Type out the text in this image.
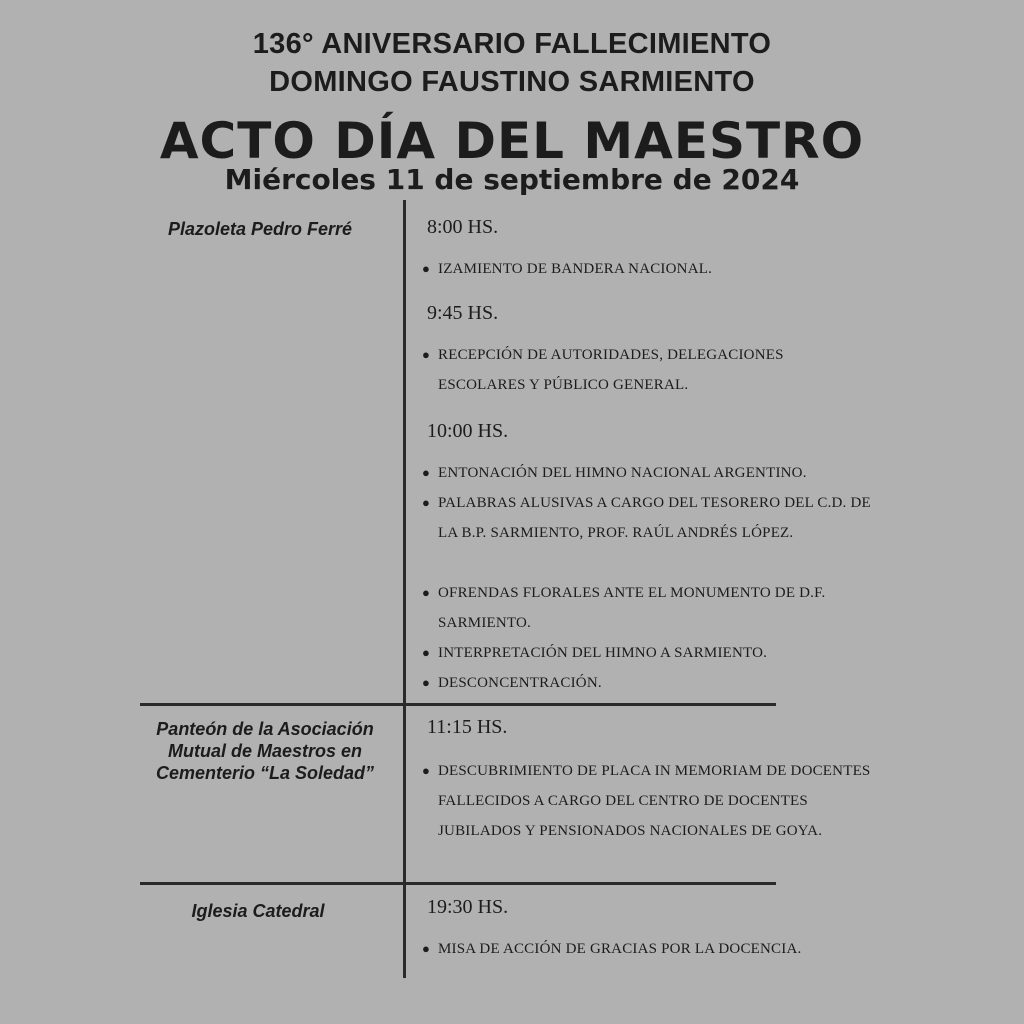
136° ANIVERSARIO FALLECIMIENTO
DOMINGO FAUSTINO SARMIENTO
ACTO DÍA DEL MAESTRO
Miércoles 11 de septiembre de 2024
Plazoleta Pedro Ferré	8:00 HS.
● IZAMIENTO DE BANDERA NACIONAL.
9:45 HS.
● RECEPCIÓN DE AUTORIDADES, DELEGACIONES ESCOLARES Y PÚBLICO GENERAL.
10:00 HS.
● ENTONACIÓN DEL HIMNO NACIONAL ARGENTINO.
● PALABRAS ALUSIVAS A CARGO DEL TESORERO DEL C.D. DE LA B.P. SARMIENTO, PROF. RAÚL ANDRÉS LÓPEZ.
● OFRENDAS FLORALES ANTE EL MONUMENTO DE D.F. SARMIENTO.
● INTERPRETACIÓN DEL HIMNO A SARMIENTO.
● DESCONCENTRACIÓN.
Panteón de la Asociación Mutual de Maestros en Cementerio “La Soledad”
11:15 HS.
● DESCUBRIMIENTO DE PLACA IN MEMORIAM DE DOCENTES FALLECIDOS A CARGO DEL CENTRO DE DOCENTES JUBILADOS Y PENSIONADOS NACIONALES DE GOYA.
Iglesia Catedral	19:30 HS.
● MISA DE ACCIÓN DE GRACIAS POR LA DOCENCIA.
